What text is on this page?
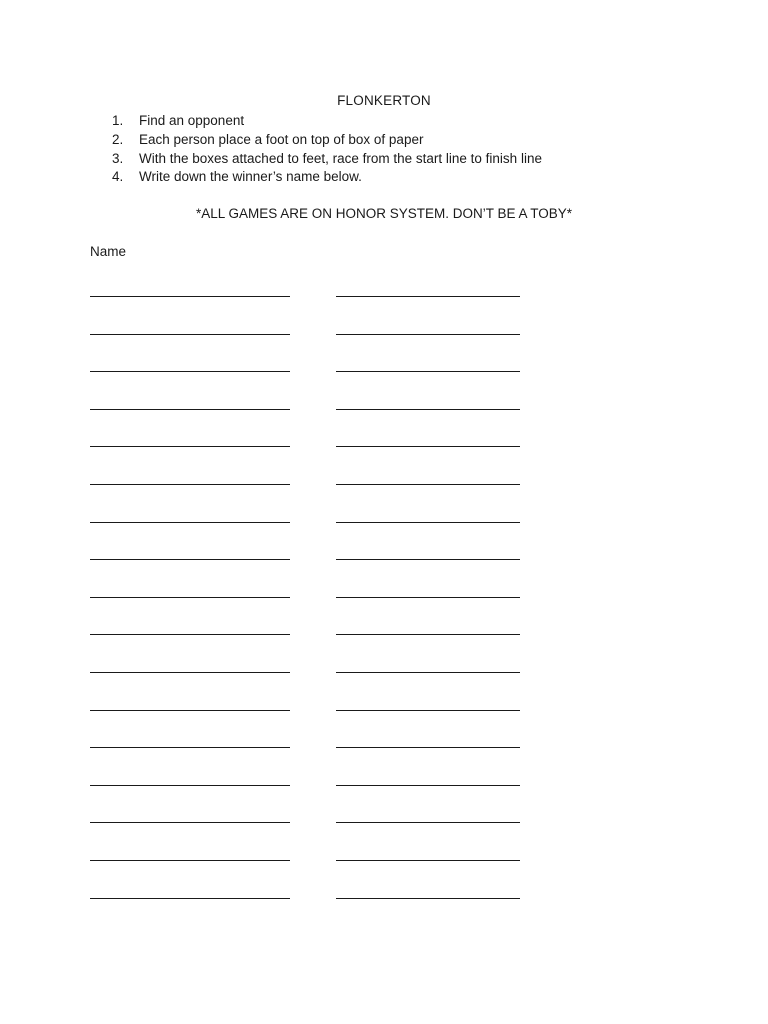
FLONKERTON
1.	Find an opponent
2.	Each person place a foot on top of box of paper
3.	With the boxes attached to feet, race from the start line to finish line
4.	Write down the winner’s name below.
*ALL GAMES ARE ON HONOR SYSTEM. DON’T BE A TOBY*
Name
